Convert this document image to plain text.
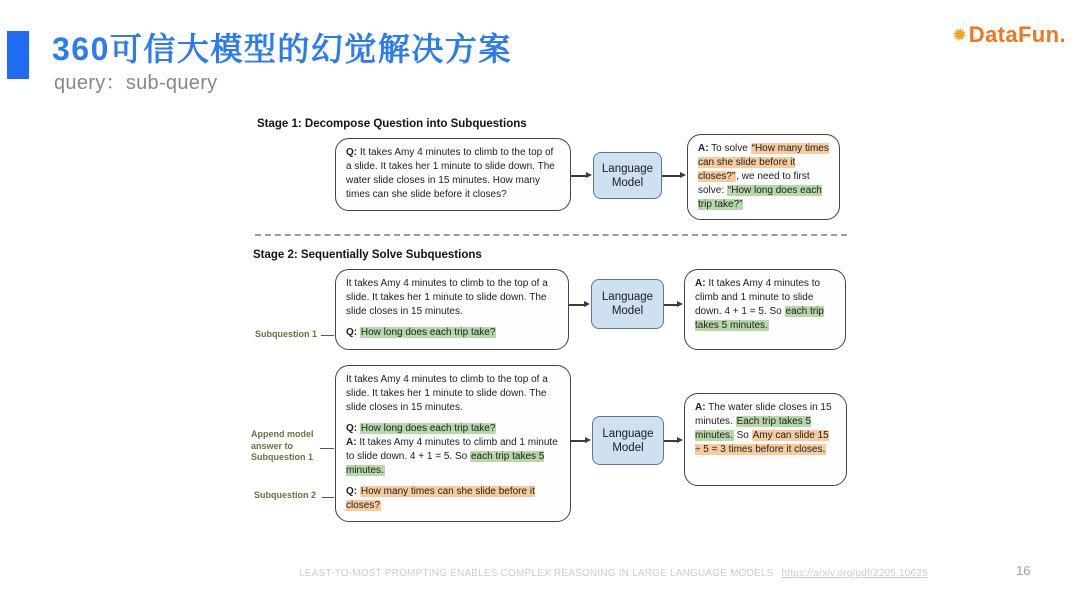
360可信大模型的幻觉解决方案
query：sub-query
✹ DataFun.
Stage 1: Decompose Question into Subquestions

Q: It takes Amy 4 minutes to climb to the top of a slide. It takes her 1 minute to slide down. The water slide closes in 15 minutes. How many times can she slide before it closes?

Language Model

A: To solve “How many times can she slide before it closes?”, we need to first solve: “How long does each trip take?”

Stage 2: Sequentially Solve Subquestions

It takes Amy 4 minutes to climb to the top of a slide. It takes her 1 minute to slide down. The slide closes in 15 minutes.

Q: How long does each trip take?

Language Model

A: It takes Amy 4 minutes to climb and 1 minute to slide down. 4 + 1 = 5. So each trip takes 5 minutes.

Subquestion 1

It takes Amy 4 minutes to climb to the top of a slide. It takes her 1 minute to slide down. The slide closes in 15 minutes.

Q: How long does each trip take?
A: It takes Amy 4 minutes to climb and 1 minute to slide down. 4 + 1 = 5. So each trip takes 5 minutes.

Q: How many times can she slide before it closes?

Language Model

A: The water slide closes in 15 minutes. Each trip takes 5 minutes. So Amy can slide 15 ÷ 5 = 3 times before it closes.

Append model answer to Subquestion 1
Subquestion 2
LEAST-TO-MOST PROMPTING ENABLES COMPLEX REASONING IN LARGE LANGUAGE MODELS https://arxiv.org/pdf/2205.10625	16
